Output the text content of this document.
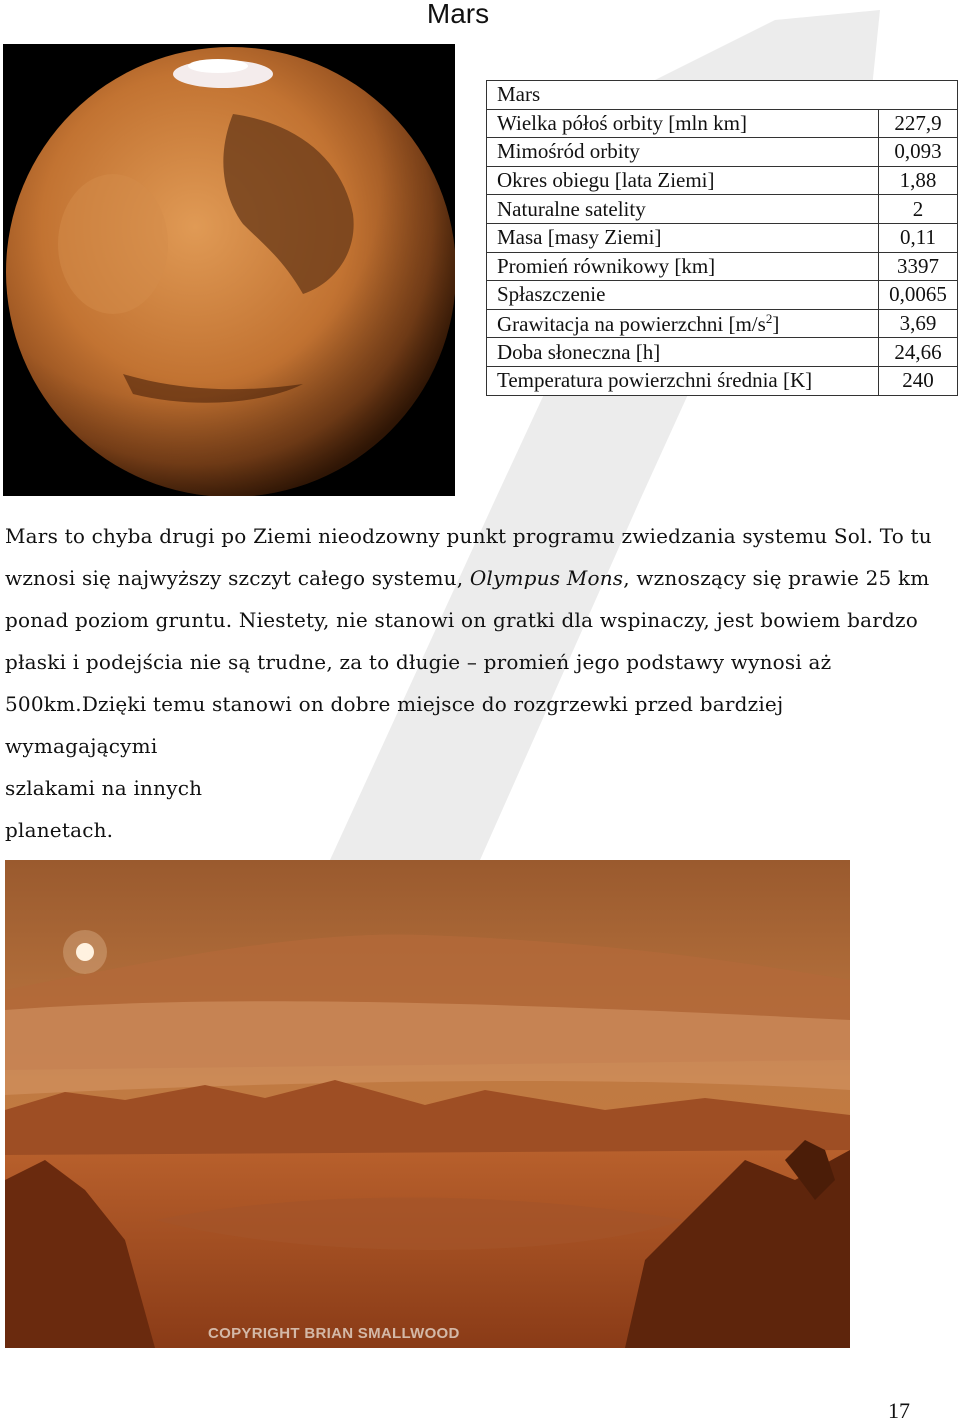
Mars
Mars	
Wielka półoś orbity [mln km]	227,9
Mimośród orbity	0,093
Okres obiegu [lata Ziemi]	1,88
Naturalne satelity	2
Masa [masy Ziemi]	0,11
Promień równikowy [km]	3397
Spłaszczenie	0,0065
Grawitacja na powierzchni $[m/s^2]$	3,69
Doba słoneczna [h]	24,66
Temperatura powierzchni średnia [K]	240

Mars to chyba drugi po Ziemi nieodzowny punkt programu zwiedzania systemu Sol. To tu wznosi się najwyższy szczyt całego systemu, Olympus Mons, wznoszący się prawie 25 km ponad poziom gruntu. Niestety, nie stanowi on gratki dla wspinaczy, jest bowiem bardzo płaski i podejścia nie są trudne, za to długie – promień jego podstawy wynosi aż 500km.Dzięki temu stanowi on dobre miejsce do rozgrzewki przed bardziej wymagającymi

szlakami na innych

planetach.

COPYRIGHT BRIAN SMALLWOOD
17
